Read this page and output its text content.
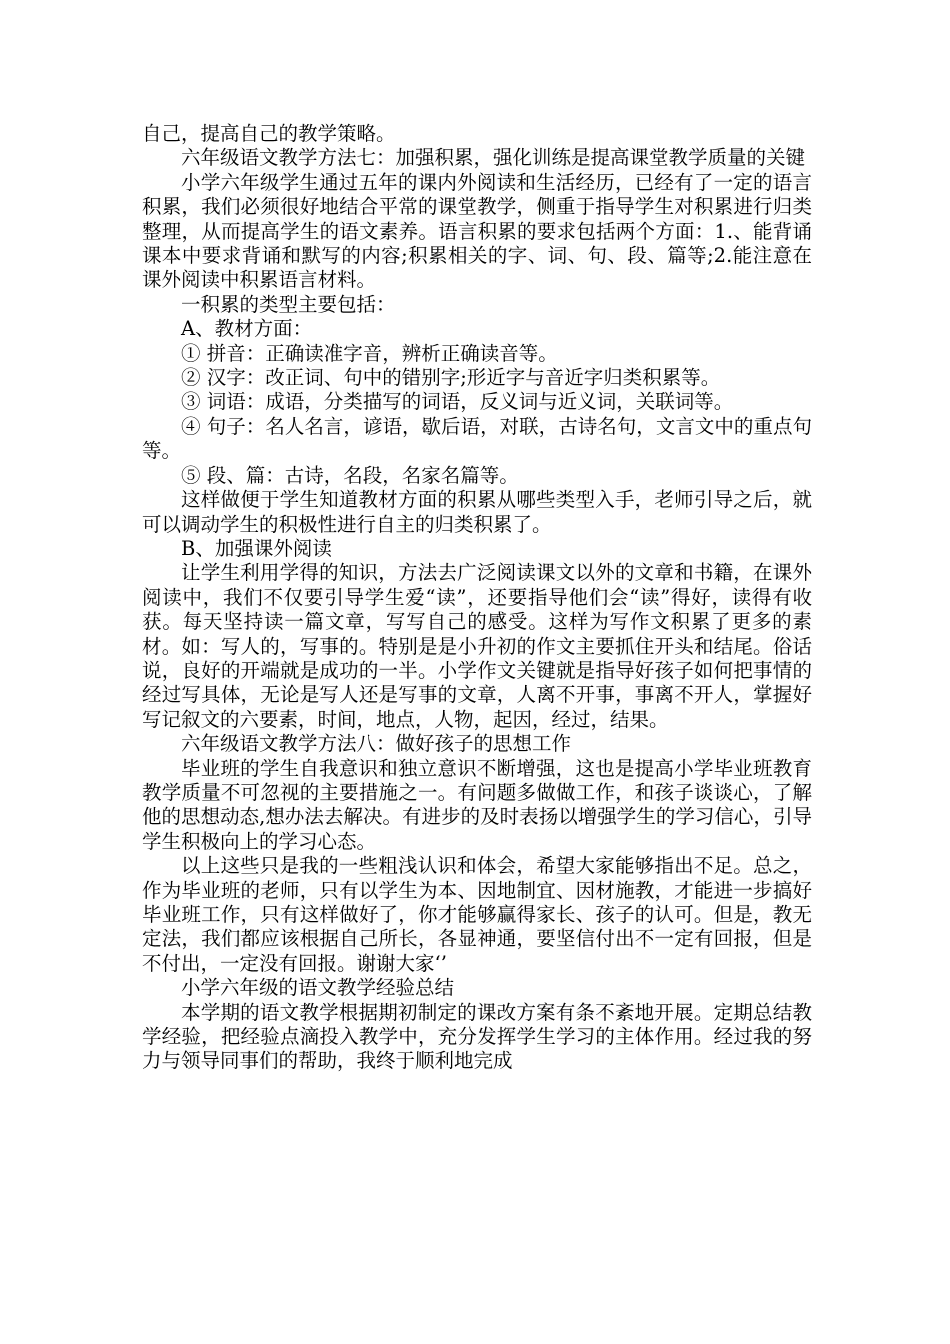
自己，提高自己的教学策略。

六年级语文教学方法七：加强积累，强化训练是提高课堂教学质量的关键

小学六年级学生通过五年的课内外阅读和生活经历，已经有了一定的语言积累，我们必须很好地结合平常的课堂教学，侧重于指导学生对积累进行归类整理，从而提高学生的语文素养。语言积累的要求包括两个方面：1.、能背诵课本中要求背诵和默写的内容;积累相关的字、词、句、段、篇等;2.能注意在课外阅读中积累语言材料。

一积累的类型主要包括：

A、教材方面：

① 拼音：正确读准字音，辨析正确读音等。

② 汉字：改正词、句中的错别字;形近字与音近字归类积累等。

③ 词语：成语，分类描写的词语，反义词与近义词，关联词等。

④ 句子：名人名言，谚语，歇后语，对联，古诗名句，文言文中的重点句等。

⑤ 段、篇：古诗，名段，名家名篇等。

这样做便于学生知道教材方面的积累从哪些类型入手，老师引导之后，就可以调动学生的积极性进行自主的归类积累了。

B、加强课外阅读

让学生利用学得的知识，方法去广泛阅读课文以外的文章和书籍，在课外阅读中，我们不仅要引导学生爱“读”，还要指导他们会“读”得好，读得有收获。每天坚持读一篇文章，写写自己的感受。这样为写作文积累了更多的素材。如：写人的，写事的。特别是是小升初的作文主要抓住开头和结尾。俗话说，良好的开端就是成功的一半。小学作文关键就是指导好孩子如何把事情的经过写具体，无论是写人还是写事的文章，人离不开事，事离不开人，掌握好写记叙文的六要素，时间，地点，人物，起因，经过，结果。

六年级语文教学方法八：做好孩子的思想工作

毕业班的学生自我意识和独立意识不断增强，这也是提高小学毕业班教育教学质量不可忽视的主要措施之一。有问题多做做工作，和孩子谈谈心，了解他的思想动态,想办法去解决。有进步的及时表扬以增强学生的学习信心，引导学生积极向上的学习心态。

以上这些只是我的一些粗浅认识和体会，希望大家能够指出不足。总之，作为毕业班的老师，只有以学生为本、因地制宜、因材施教，才能进一步搞好毕业班工作，只有这样做好了，你才能够赢得家长、孩子的认可。但是，教无定法，我们都应该根据自己所长，各显神通，要坚信付出不一定有回报，但是不付出，一定没有回报。谢谢大家‘’

小学六年级的语文教学经验总结

本学期的语文教学根据期初制定的课改方案有条不紊地开展。定期总结教学经验，把经验点滴投入教学中，充分发挥学生学习的主体作用。经过我的努力与领导同事们的帮助，我终于顺利地完成
